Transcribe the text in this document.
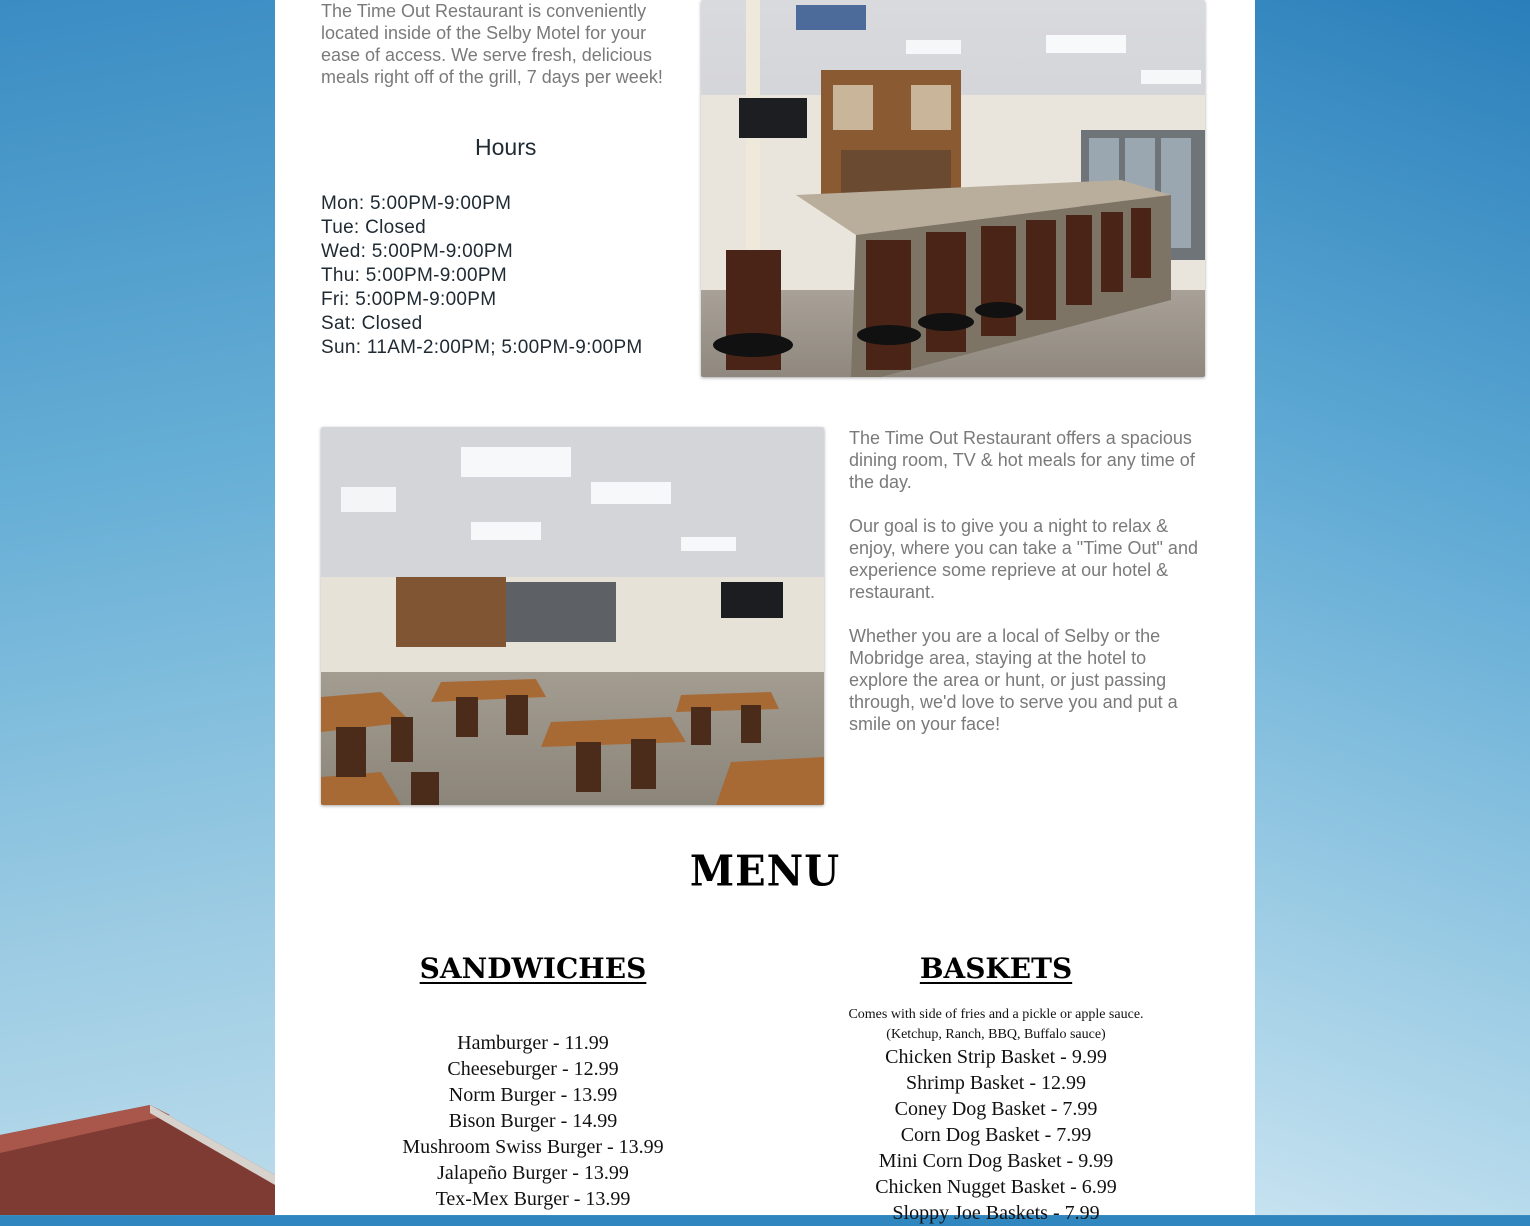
The Time Out Restaurant is conveniently located inside of the Selby Motel for your ease of access. We serve fresh, delicious meals right off of the grill, 7 days per week!

Hours
Mon: 5:00PM-9:00PM
Tue: Closed
Wed: 5:00PM-9:00PM
Thu: 5:00PM-9:00PM
Fri: 5:00PM-9:00PM
Sat: Closed
Sun: 11AM-2:00PM; 5:00PM-9:00PM

The Time Out Restaurant offers a spacious dining room, TV & hot meals for any time of the day.

Our goal is to give you a night to relax & enjoy, where you can take a "Time Out" and experience some reprieve at our hotel & restaurant.

Whether you are a local of Selby or the Mobridge area, staying at the hotel to explore the area or hunt, or just passing through, we'd love to serve you and put a smile on your face!

MENU
SANDWICHES
Hamburger - 11.99
Cheeseburger - 12.99
Norm Burger - 13.99
Bison Burger - 14.99
Mushroom Swiss Burger - 13.99
Jalapeño Burger - 13.99
Tex-Mex Burger - 13.99
BASKETS
Comes with side of fries and a pickle or apple sauce.
(Ketchup, Ranch, BBQ, Buffalo sauce)
Chicken Strip Basket - 9.99
Shrimp Basket - 12.99
Coney Dog Basket - 7.99
Corn Dog Basket - 7.99
Mini Corn Dog Basket - 9.99
Chicken Nugget Basket - 6.99
Sloppy Joe Baskets - 7.99
